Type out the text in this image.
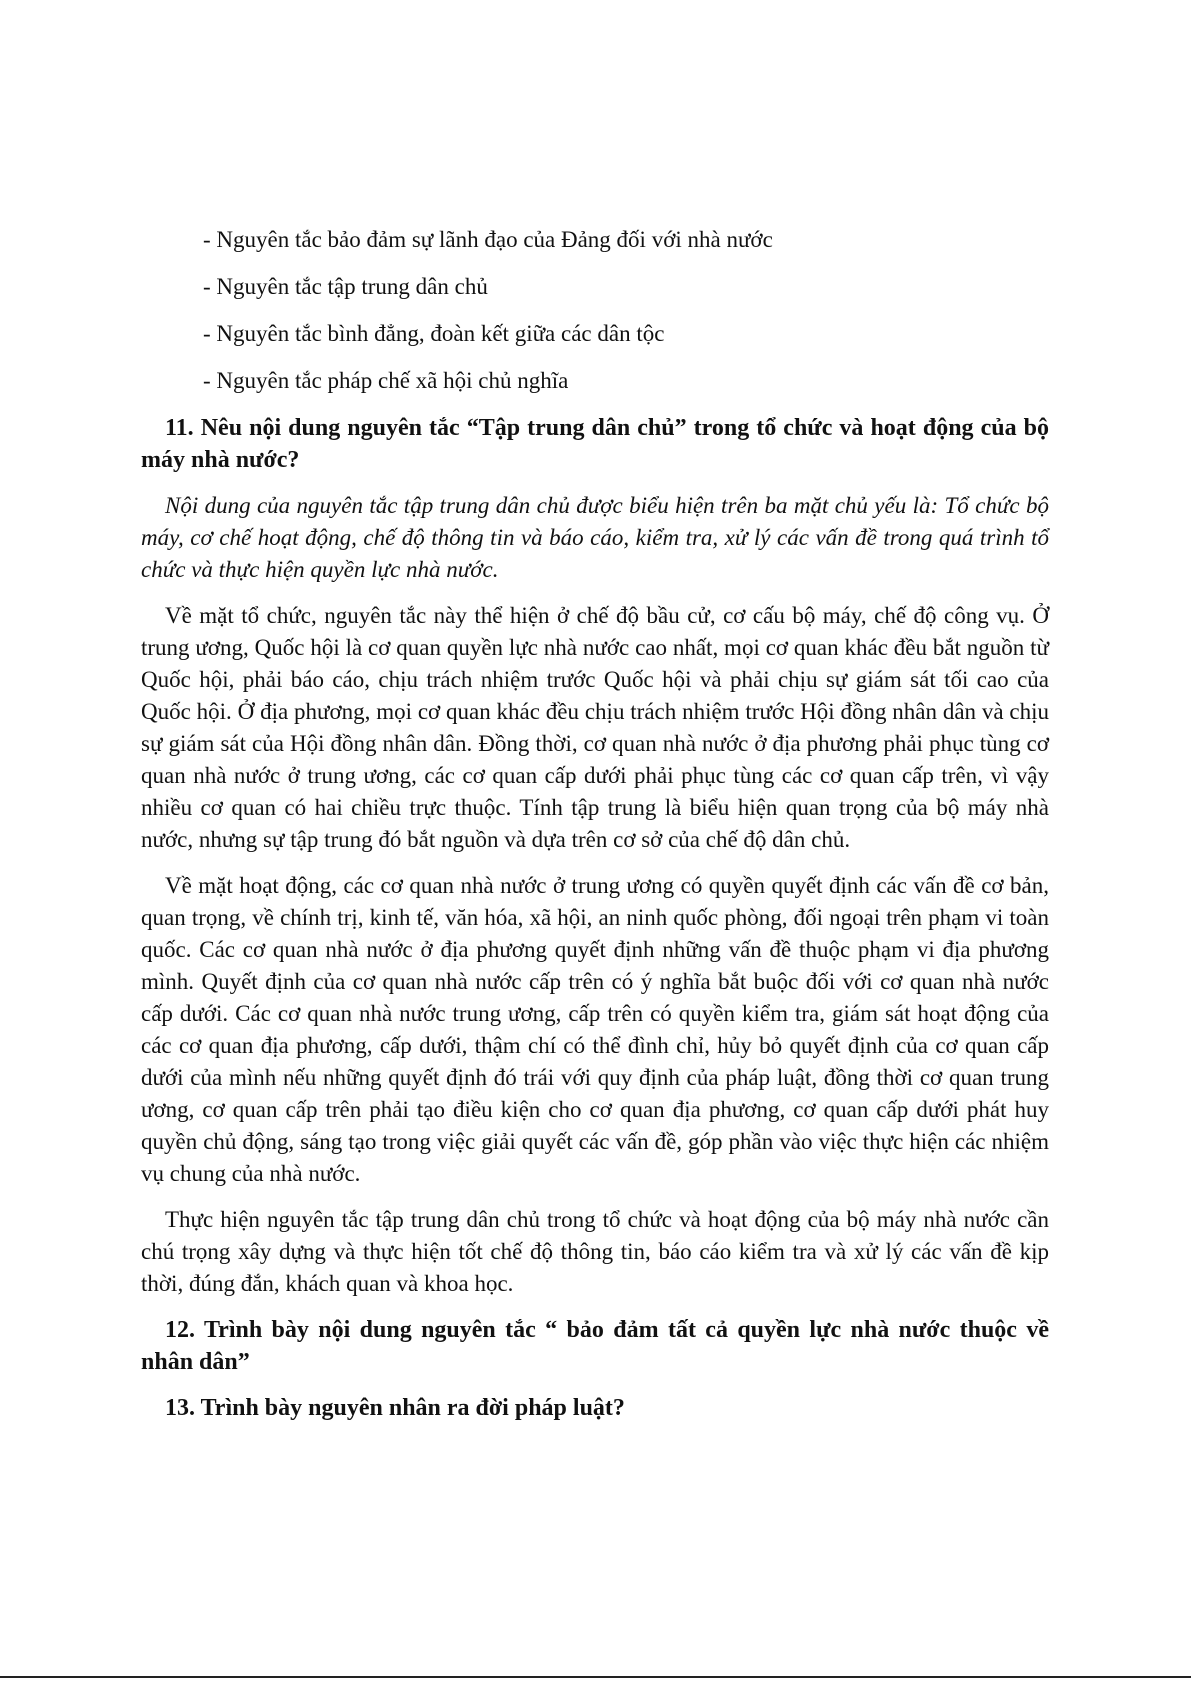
- Nguyên tắc bảo đảm sự lãnh đạo của Đảng đối với nhà nước
- Nguyên tắc tập trung dân chủ
- Nguyên tắc bình đẳng, đoàn kết giữa các dân tộc
- Nguyên tắc pháp chế xã hội chủ nghĩa
11. Nêu nội dung nguyên tắc “Tập trung dân chủ” trong tổ chức và hoạt động của bộ máy nhà nước?
Nội dung của nguyên tắc tập trung dân chủ được biểu hiện trên ba mặt chủ yếu là: Tổ chức bộ máy, cơ chế hoạt động, chế độ thông tin và báo cáo, kiểm tra, xử lý các vấn đề trong quá trình tổ chức và thực hiện quyền lực nhà nước.
Về mặt tổ chức, nguyên tắc này thể hiện ở chế độ bầu cử, cơ cấu bộ máy, chế độ công vụ. Ở trung ương, Quốc hội là cơ quan quyền lực nhà nước cao nhất, mọi cơ quan khác đều bắt nguồn từ Quốc hội, phải báo cáo, chịu trách nhiệm trước Quốc hội và phải chịu sự giám sát tối cao của Quốc hội. Ở địa phương, mọi cơ quan khác đều chịu trách nhiệm trước Hội đồng nhân dân và chịu sự giám sát của Hội đồng nhân dân. Đồng thời, cơ quan nhà nước ở địa phương phải phục tùng cơ quan nhà nước ở trung ương, các cơ quan cấp dưới phải phục tùng các cơ quan cấp trên, vì vậy nhiều cơ quan có hai chiều trực thuộc. Tính tập trung là biểu hiện quan trọng của bộ máy nhà nước, nhưng sự tập trung đó bắt nguồn và dựa trên cơ sở của chế độ dân chủ.
Về mặt hoạt động, các cơ quan nhà nước ở trung ương có quyền quyết định các vấn đề cơ bản, quan trọng, về chính trị, kinh tế, văn hóa, xã hội, an ninh quốc phòng, đối ngoại trên phạm vi toàn quốc. Các cơ quan nhà nước ở địa phương quyết định những vấn đề thuộc phạm vi địa phương mình. Quyết định của cơ quan nhà nước cấp trên có ý nghĩa bắt buộc đối với cơ quan nhà nước cấp dưới. Các cơ quan nhà nước trung ương, cấp trên có quyền kiểm tra, giám sát hoạt động của các cơ quan địa phương, cấp dưới, thậm chí có thể đình chỉ, hủy bỏ quyết định của cơ quan cấp dưới của mình nếu những quyết định đó trái với quy định của pháp luật, đồng thời cơ quan trung ương, cơ quan cấp trên phải tạo điều kiện cho cơ quan địa phương, cơ quan cấp dưới phát huy quyền chủ động, sáng tạo trong việc giải quyết các vấn đề, góp phần vào việc thực hiện các nhiệm vụ chung của nhà nước.
Thực hiện nguyên tắc tập trung dân chủ trong tổ chức và hoạt động của bộ máy nhà nước cần chú trọng xây dựng và thực hiện tốt chế độ thông tin, báo cáo kiểm tra và xử lý các vấn đề kịp thời, đúng đắn, khách quan và khoa học.
12. Trình bày nội dung nguyên tắc “ bảo đảm tất cả quyền lực nhà nước thuộc về nhân dân”
13. Trình bày nguyên nhân ra đời pháp luật?
